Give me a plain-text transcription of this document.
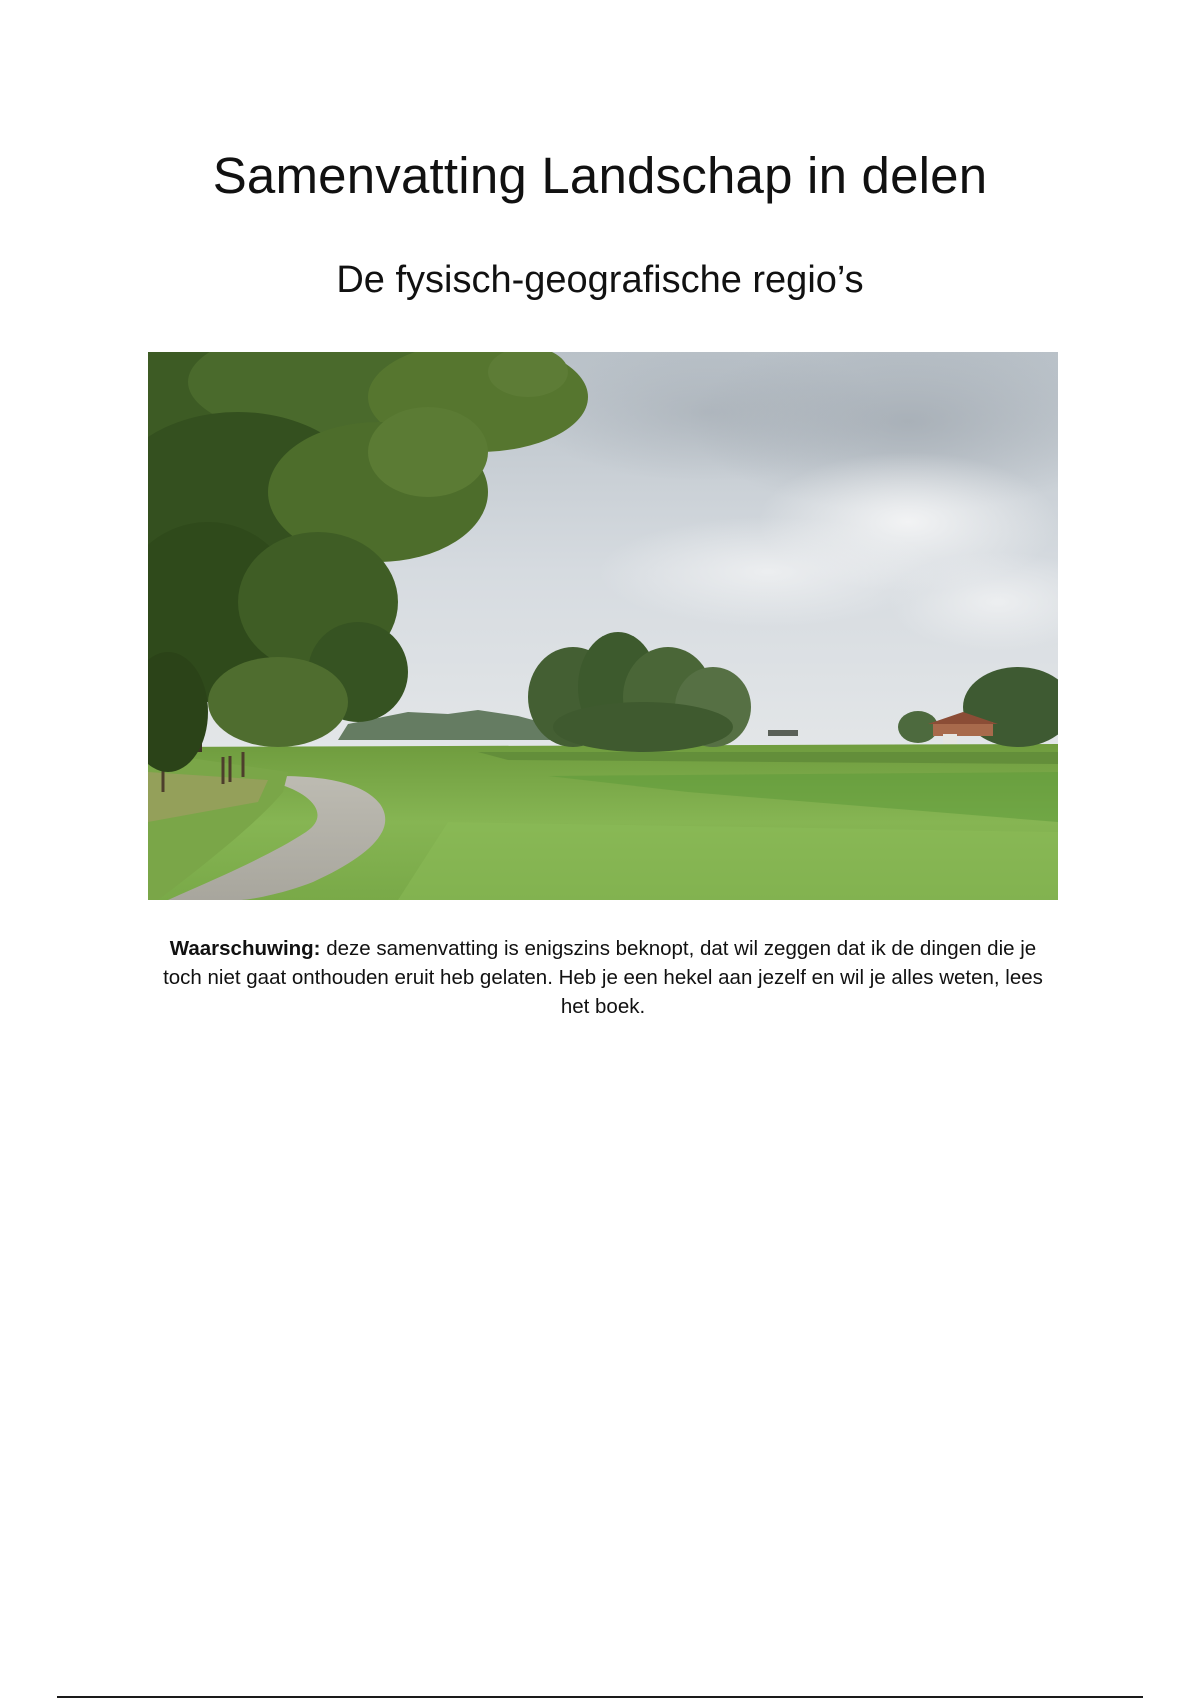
Samenvatting Landschap in delen
De fysisch-geografische regio’s

Waarschuwing: deze samenvatting is enigszins beknopt, dat wil zeggen dat ik de dingen die je toch niet gaat onthouden eruit heb gelaten. Heb je een hekel aan jezelf en wil je alles weten, lees het boek.
